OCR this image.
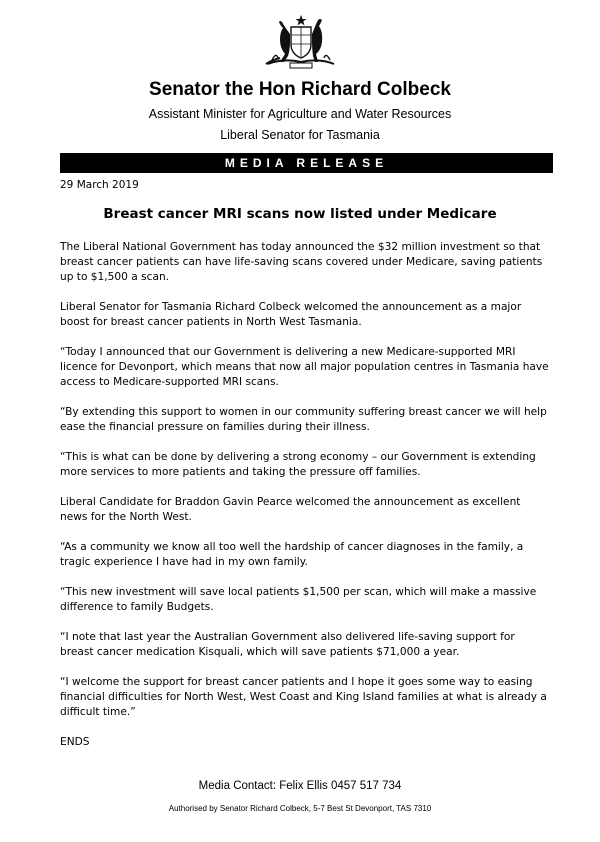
Senator the Hon Richard Colbeck
Assistant Minister for Agriculture and Water Resources
Liberal Senator for Tasmania
MEDIA RELEASE
29 March 2019
Breast cancer MRI scans now listed under Medicare

The Liberal National Government has today announced the $32 million investment so that breast cancer patients can have life-saving scans covered under Medicare, saving patients up to $1,500 a scan.

Liberal Senator for Tasmania Richard Colbeck welcomed the announcement as a major boost for breast cancer patients in North West Tasmania.

“Today I announced that our Government is delivering a new Medicare-supported MRI licence for Devonport, which means that now all major population centres in Tasmania have access to Medicare-supported MRI scans.

“By extending this support to women in our community suffering breast cancer we will help ease the financial pressure on families during their illness.

“This is what can be done by delivering a strong economy – our Government is extending more services to more patients and taking the pressure off families.

Liberal Candidate for Braddon Gavin Pearce welcomed the announcement as excellent news for the North West.

“As a community we know all too well the hardship of cancer diagnoses in the family, a tragic experience I have had in my own family.

“This new investment will save local patients $1,500 per scan, which will make a massive difference to family Budgets.

“I note that last year the Australian Government also delivered life-saving support for breast cancer medication Kisquali, which will save patients $71,000 a year.

“I welcome the support for breast cancer patients and I hope it goes some way to easing financial difficulties for North West, West Coast and King Island families at what is already a difficult time.”

ENDS

Media Contact: Felix Ellis 0457 517 734
Authorised by Senator Richard Colbeck, 5-7 Best St Devonport, TAS 7310
